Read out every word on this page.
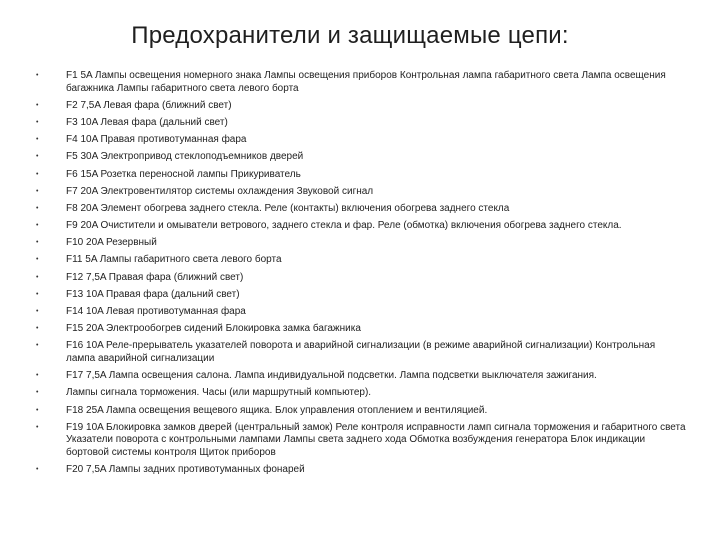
Предохранители и защищаемые цепи:
•	F1 5A Лампы освещения номерного знака Лампы освещения приборов Контрольная лампа габаритного света Лампа освещения багажника Лампы габаритного света левого борта
•	F2 7,5A Левая фара (ближний свет)
•	F3 10A Левая фара (дальний свет)
•	F4 10A Правая противотуманная фара
•	F5 30A Электропривод стеклоподъемников дверей
•	F6 15A Розетка переносной лампы Прикуриватель
•	F7 20A Электровентилятор системы охлаждения Звуковой сигнал
•	F8 20A Элемент обогрева заднего стекла. Реле (контакты) включения обогрева заднего стекла
•	F9 20A Очистители и омыватели ветрового, заднего стекла и фар. Реле (обмотка) включения обогрева заднего стекла.
•	F10 20A Резервный
•	F11 5A Лампы габаритного света левого борта
•	F12 7,5A Правая фара (ближний свет)
•	F13 10A Правая фара (дальний свет)
•	F14 10A Левая противотуманная фара
•	F15 20A Электрообогрев сидений Блокировка замка багажника
•	F16 10A Реле-прерыватель указателей поворота и аварийной сигнализации (в режиме аварийной сигнализации) Контрольная лампа аварийной сигнализации
•	F17 7,5A Лампа освещения салона. Лампа индивидуальной подсветки. Лампа подсветки выключателя зажигания.
•	Лампы сигнала торможения. Часы (или маршрутный компьютер).
•	F18 25A Лампа освещения вещевого ящика. Блок управления отоплением и вентиляцией.
•	F19 10A Блокировка замков дверей (центральный замок) Реле контроля исправности ламп сигнала торможения и габаритного света Указатели поворота с контрольными лампами Лампы света заднего хода Обмотка возбуждения генератора Блок индикации бортовой системы контроля Щиток приборов
•	F20 7,5A Лампы задних противотуманных фонарей
